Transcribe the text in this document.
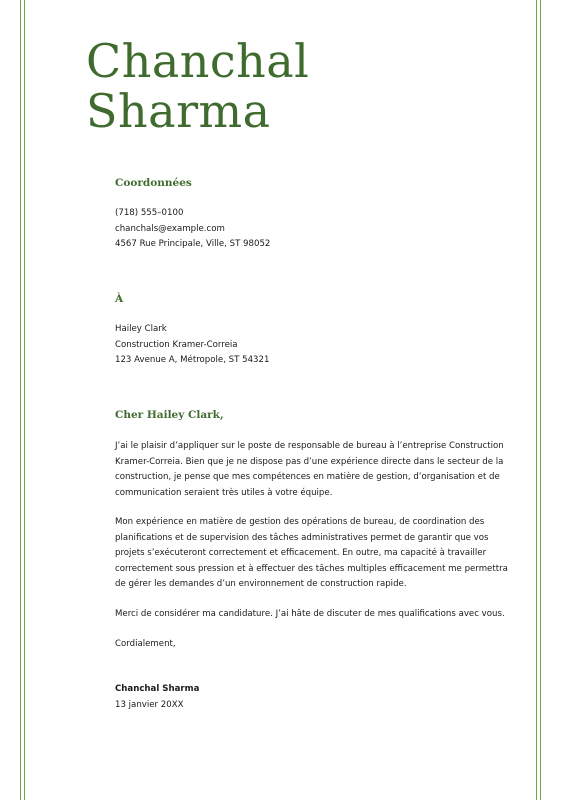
Chanchal
Sharma
Coordonnées
(718) 555–0100
chanchals@example.com
4567 Rue Principale, Ville, ST 98052
À
Hailey Clark
Construction Kramer-Correia
123 Avenue A, Métropole, ST 54321
Cher Hailey Clark,
J’ai le plaisir d’appliquer sur le poste de responsable de bureau à l’entreprise Construction
Kramer-Correia. Bien que je ne dispose pas d’une expérience directe dans le secteur de la
construction, je pense que mes compétences en matière de gestion, d’organisation et de
communication seraient très utiles à votre équipe.
Mon expérience en matière de gestion des opérations de bureau, de coordination des
planifications et de supervision des tâches administratives permet de garantir que vos
projets s’exécuteront correctement et efficacement. En outre, ma capacité à travailler
correctement sous pression et à effectuer des tâches multiples efficacement me permettra
de gérer les demandes d’un environnement de construction rapide.
Merci de considérer ma candidature. J’ai hâte de discuter de mes qualifications avec vous.
Cordialement,
Chanchal Sharma
13 janvier 20XX
